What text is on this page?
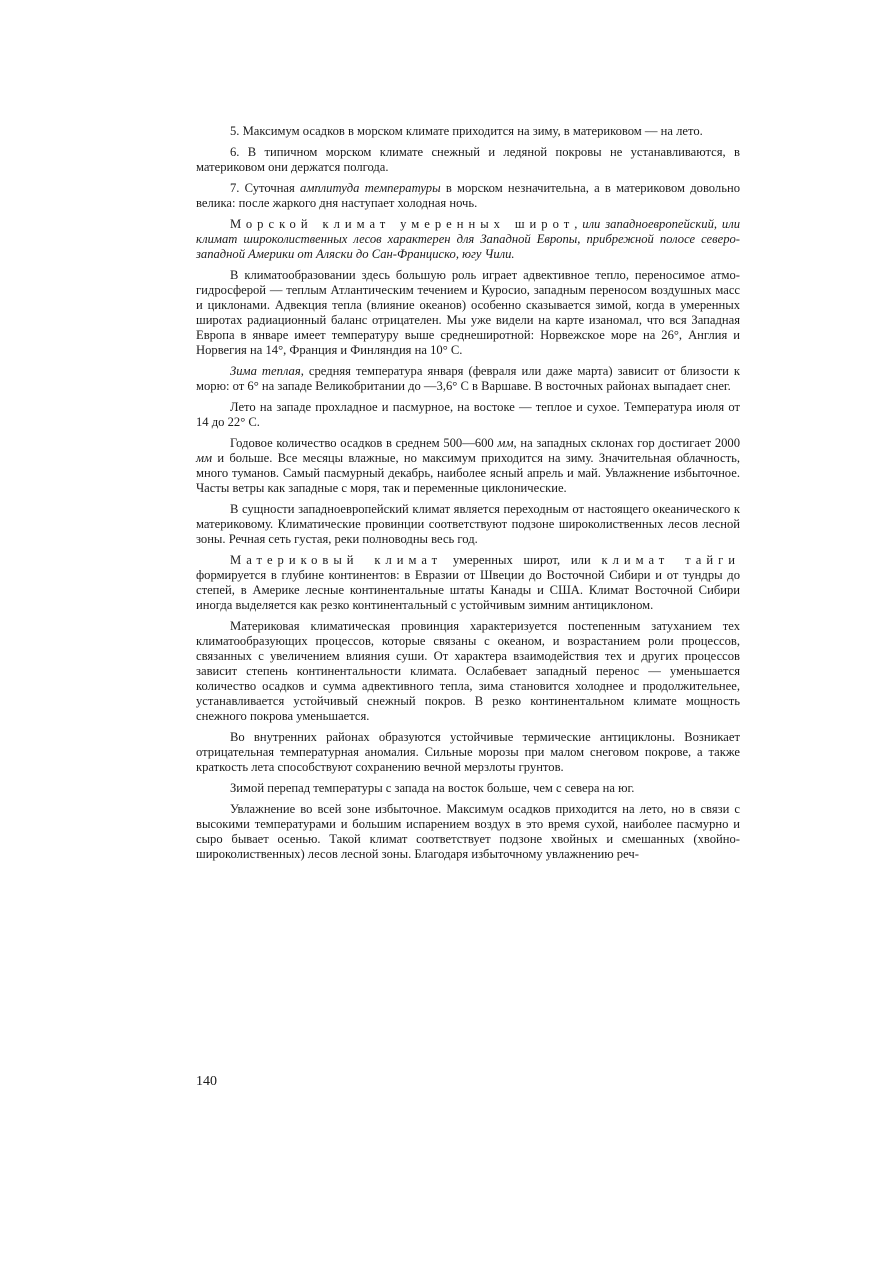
5. Максимум осадков в морском климате приходится на зиму, в материковом — на лето.

6. В типичном морском климате снежный и ледяной покровы не устанавливаются, в материковом они держатся полгода.

7. Суточная амплитуда температуры в морском незначительна, а в материковом довольно велика: после жаркого дня наступает холодная ночь.

Морской климат умеренных широт, или западноевропейский, или климат широколиственных лесов характерен для Западной Европы, прибрежной полосе северо-западной Америки от Аляски до Сан-Франциско, югу Чили.

В климатообразовании здесь большую роль играет адвективное тепло, переносимое атмо-гидросферой — теплым Атлантическим течением и Куросио, западным переносом воздушных масс и циклонами. Адвекция тепла (влияние океанов) особенно сказывается зимой, когда в умеренных широтах радиационный баланс отрицателен. Мы уже видели на карте изаномал, что вся Западная Европа в январе имеет температуру выше среднеширотной: Норвежское море на 26°, Англия и Норвегия на 14°, Франция и Финляндия на 10° С.

Зима теплая, средняя температура января (февраля или даже марта) зависит от близости к морю: от 6° на западе Великобритании до —3,6° С в Варшаве. В восточных районах выпадает снег.

Лето на западе прохладное и пасмурное, на востоке — теплое и сухое. Температура июля от 14 до 22° С.

Годовое количество осадков в среднем 500—600 мм, на западных склонах гор достигает 2000 мм и больше. Все месяцы влажные, но максимум приходится на зиму. Значительная облачность, много туманов. Самый пасмурный декабрь, наиболее ясный апрель и май. Увлажнение избыточное. Часты ветры как западные с моря, так и переменные циклонические.

В сущности западноевропейский климат является переходным от настоящего океанического к материковому. Климатические провинции соответствуют подзоне широколиственных лесов лесной зоны. Речная сеть густая, реки полноводны весь год.

Материковый климат умеренных широт, или климат тайги формируется в глубине континентов: в Евразии от Швеции до Восточной Сибири и от тундры до степей, в Америке лесные континентальные штаты Канады и США. Климат Восточной Сибири иногда выделяется как резко континентальный с устойчивым зимним антициклоном.

Материковая климатическая провинция характеризуется постепенным затуханием тех климатообразующих процессов, которые связаны с океаном, и возрастанием роли процессов, связанных с увеличением влияния суши. От характера взаимодействия тех и других процессов зависит степень континентальности климата. Ослабевает западный перенос — уменьшается количество осадков и сумма адвективного тепла, зима становится холоднее и продолжительнее, устанавливается устойчивый снежный покров. В резко континентальном климате мощность снежного покрова уменьшается.

Во внутренних районах образуются устойчивые термические антициклоны. Возникает отрицательная температурная аномалия. Сильные морозы при малом снеговом покрове, а также краткость лета способствуют сохранению вечной мерзлоты грунтов.

Зимой перепад температуры с запада на восток больше, чем с севера на юг.

Увлажнение во всей зоне избыточное. Максимум осадков приходится на лето, но в связи с высокими температурами и большим испарением воздух в это время сухой, наиболее пасмурно и сыро бывает осенью. Такой климат соответствует подзоне хвойных и смешанных (хвойно-широколиственных) лесов лесной зоны. Благодаря избыточному увлажнению реч-

140
